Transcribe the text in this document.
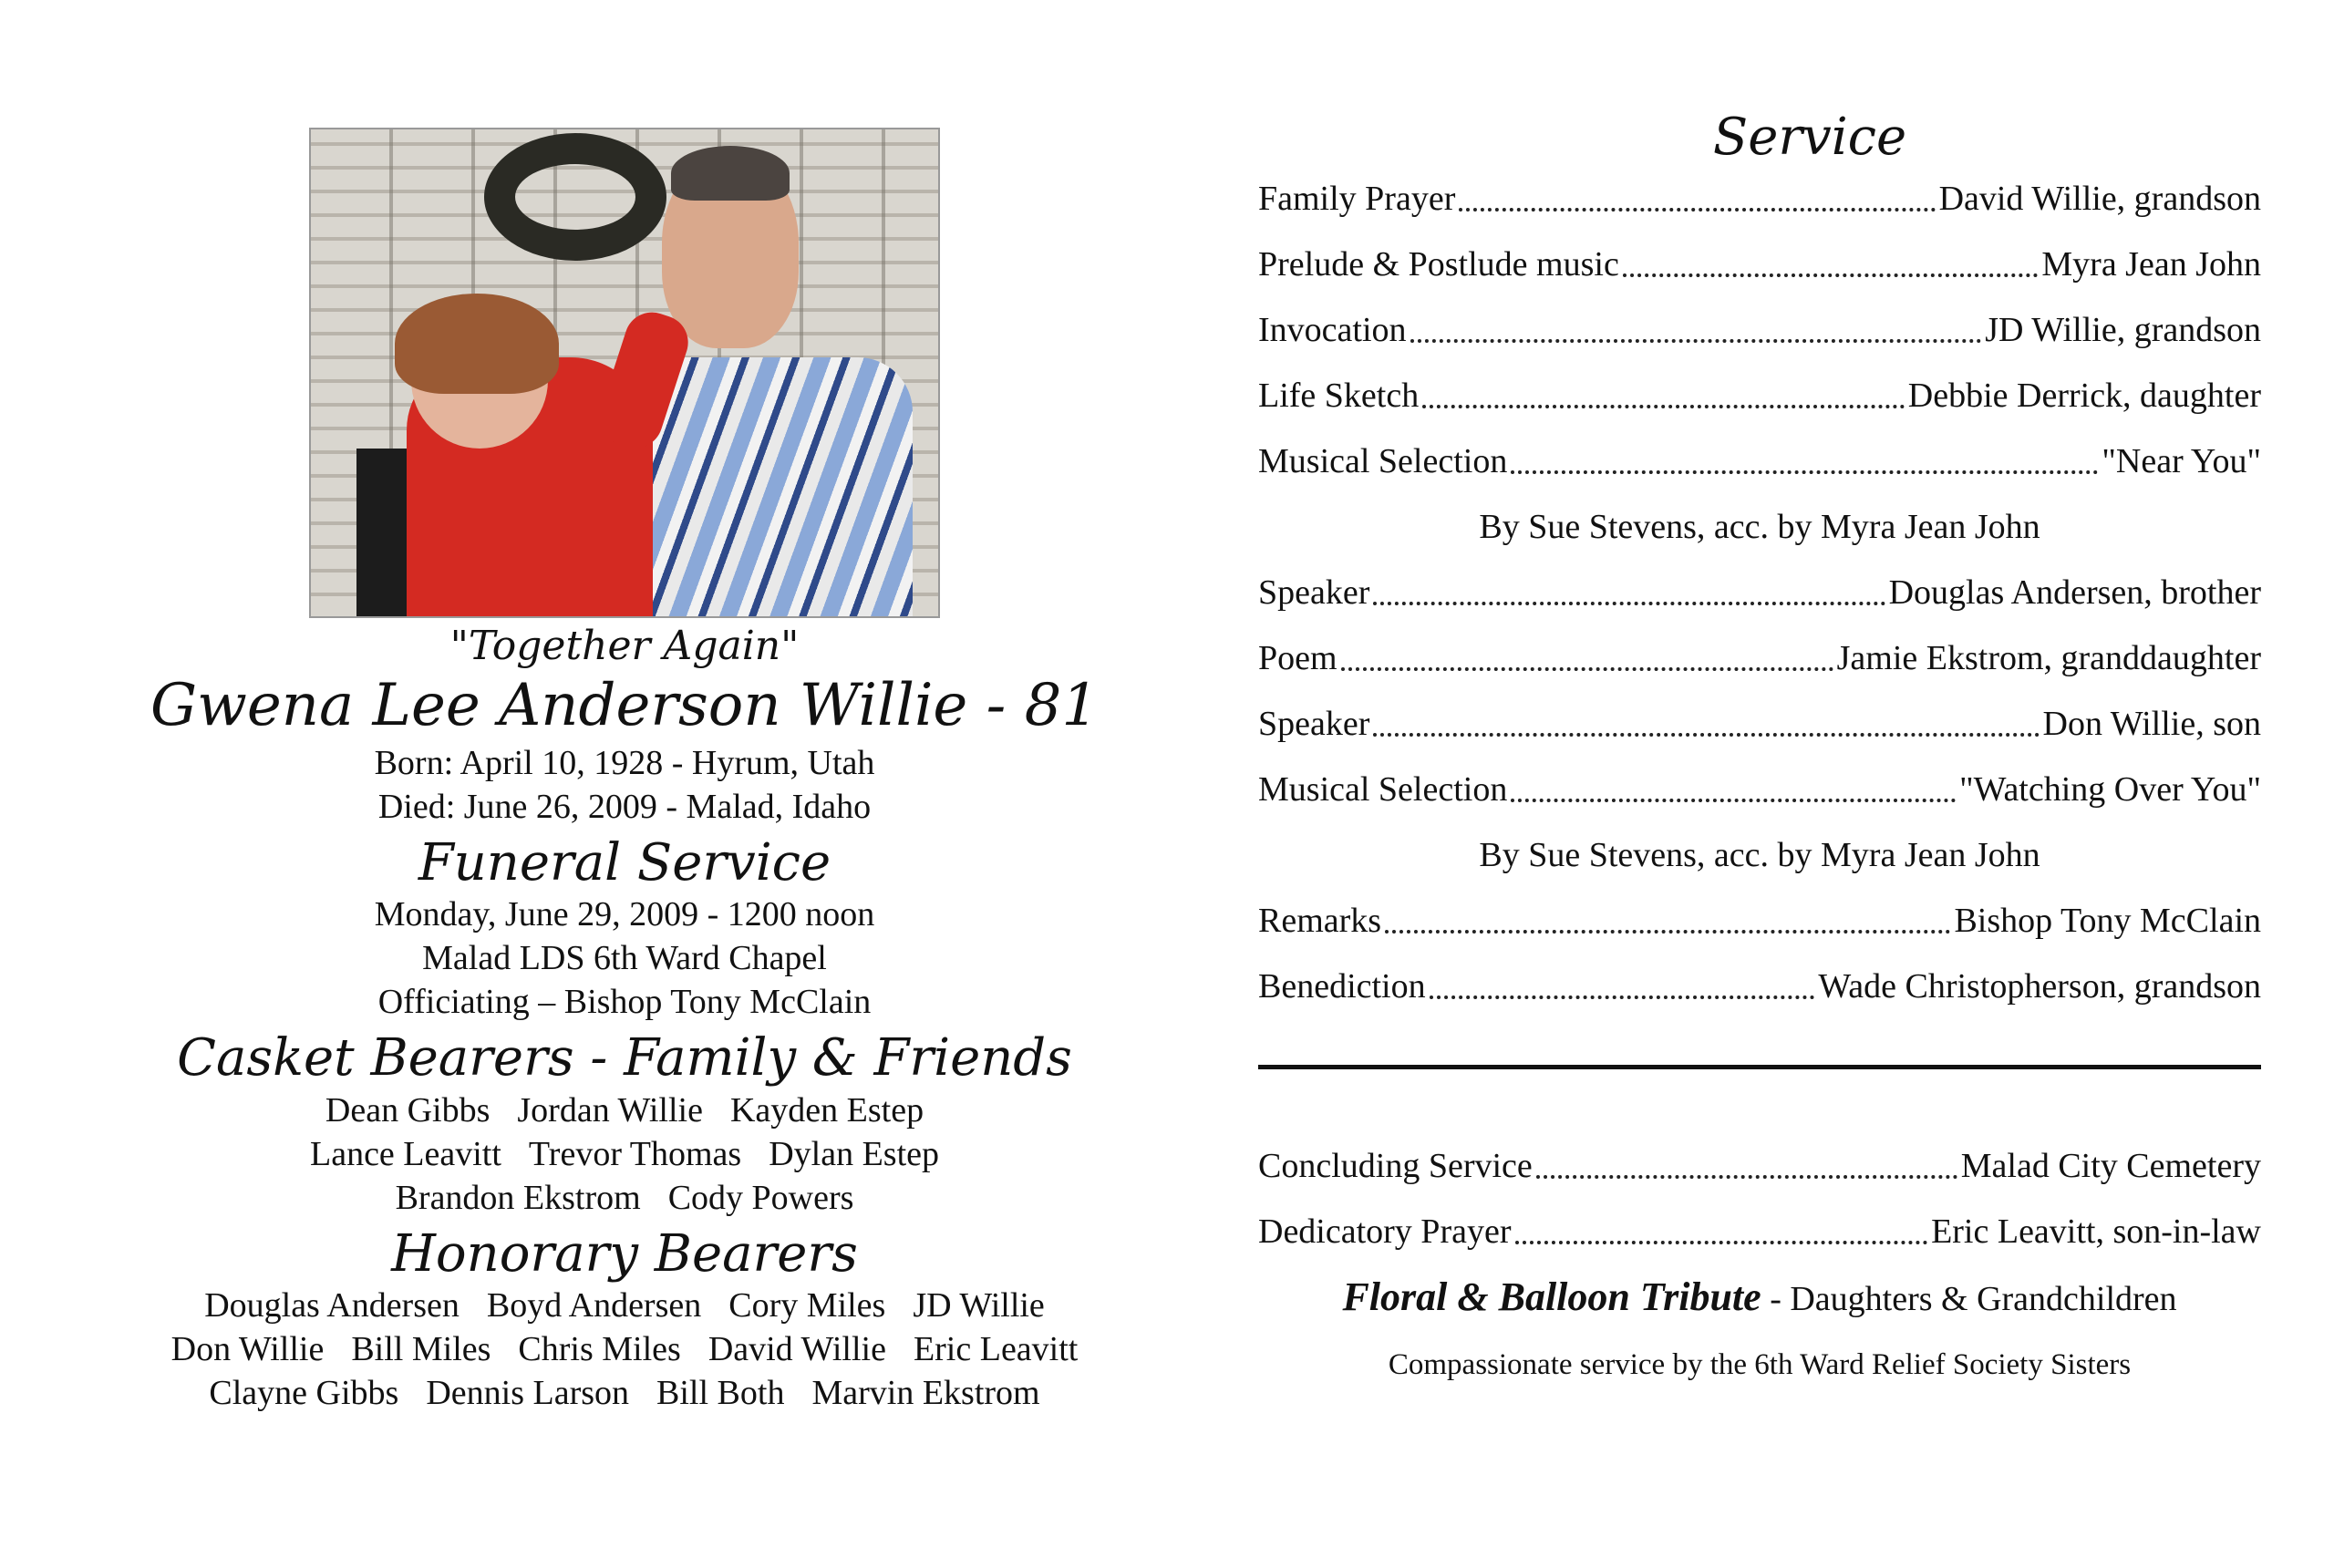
"Together Again"
Gwena Lee Anderson Willie - 81
Born: April 10, 1928 - Hyrum, Utah
Died: June 26, 2009 - Malad, Idaho
Funeral Service
Monday, June 29, 2009 - 1200 noon
Malad LDS 6th Ward Chapel
Officiating – Bishop Tony McClain
Casket Bearers - Family & Friends
Dean Gibbs Jordan Willie Kayden Estep
Lance Leavitt Trevor Thomas Dylan Estep
Brandon Ekstrom Cody Powers
Honorary Bearers
Douglas Andersen Boyd Andersen Cory Miles JD Willie
Don Willie Bill Miles Chris Miles David Willie Eric Leavitt
Clayne Gibbs Dennis Larson Bill Both Marvin Ekstrom
Service
Family Prayer	David Willie, grandson
Prelude & Postlude music	Myra Jean John
Invocation	JD Willie, grandson
Life Sketch	Debbie Derrick, daughter
Musical Selection	"Near You"
By Sue Stevens, acc. by Myra Jean John
Speaker	Douglas Andersen, brother
Poem	Jamie Ekstrom, granddaughter
Speaker	Don Willie, son
Musical Selection	"Watching Over You"
By Sue Stevens, acc. by Myra Jean John
Remarks	Bishop Tony McClain
Benediction	Wade Christopherson, grandson
Concluding Service	Malad City Cemetery
Dedicatory Prayer	Eric Leavitt, son-in-law
Floral & Balloon Tribute - Daughters & Grandchildren
Compassionate service by the 6th Ward Relief Society Sisters
